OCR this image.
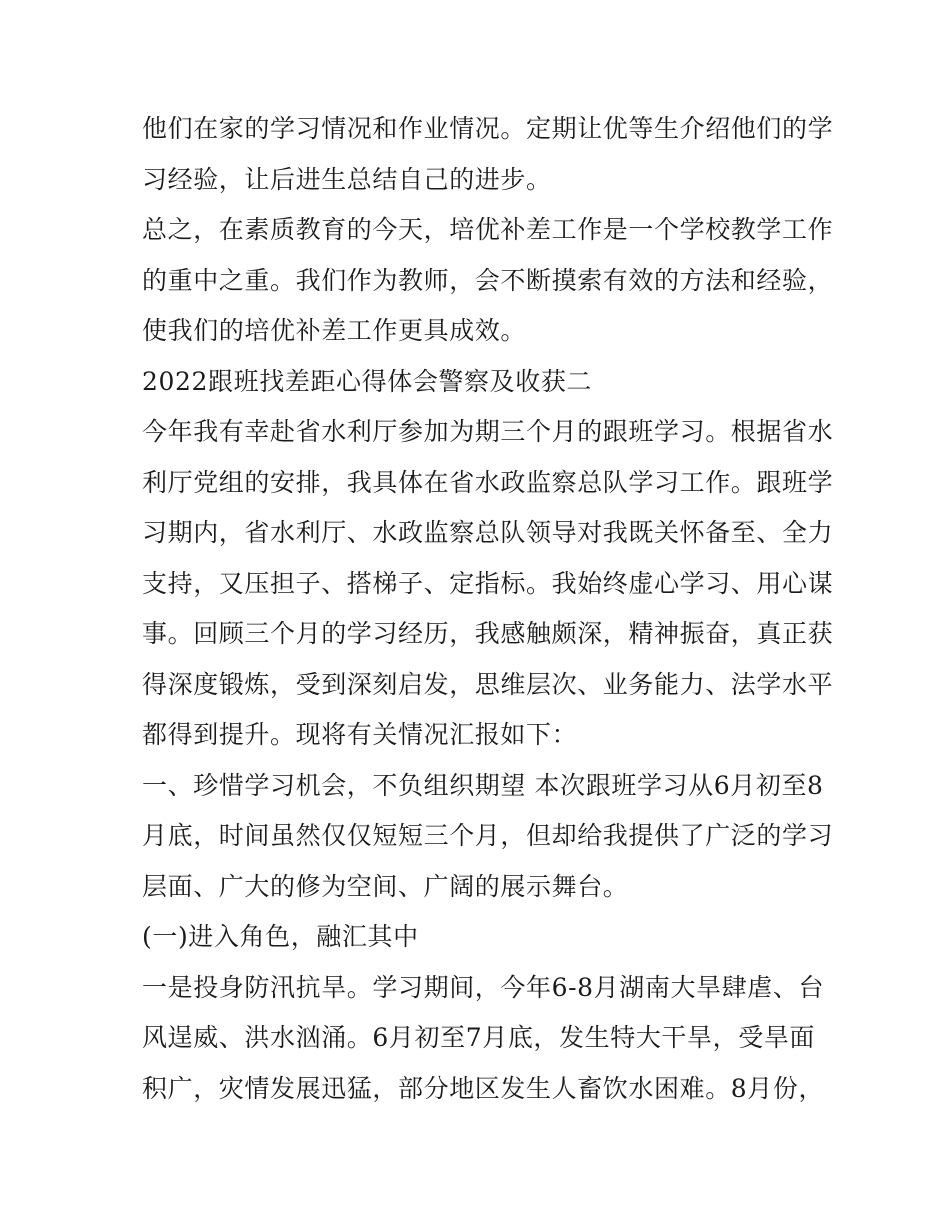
他们在家的学习情况和作业情况。定期让优等生介绍他们的学
习经验，让后进生总结自己的进步。
总之，在素质教育的今天，培优补差工作是一个学校教学工作
的重中之重。我们作为教师，会不断摸索有效的方法和经验，
使我们的培优补差工作更具成效。
2022跟班找差距心得体会警察及收获二
今年我有幸赴省水利厅参加为期三个月的跟班学习。根据省水
利厅党组的安排，我具体在省水政监察总队学习工作。跟班学
习期内，省水利厅、水政监察总队领导对我既关怀备至、全力
支持，又压担子、搭梯子、定指标。我始终虚心学习、用心谋
事。回顾三个月的学习经历，我感触颇深，精神振奋，真正获
得深度锻炼，受到深刻启发，思维层次、业务能力、法学水平
都得到提升。现将有关情况汇报如下：
一、珍惜学习机会，不负组织期望 本次跟班学习从6月初至8
月底，时间虽然仅仅短短三个月，但却给我提供了广泛的学习
层面、广大的修为空间、广阔的展示舞台。
(一)进入角色，融汇其中
一是投身防汛抗旱。学习期间，今年6-8月湖南大旱肆虐、台
风逞威、洪水汹涌。6月初至7月底，发生特大干旱，受旱面
积广，灾情发展迅猛，部分地区发生人畜饮水困难。8月份，
